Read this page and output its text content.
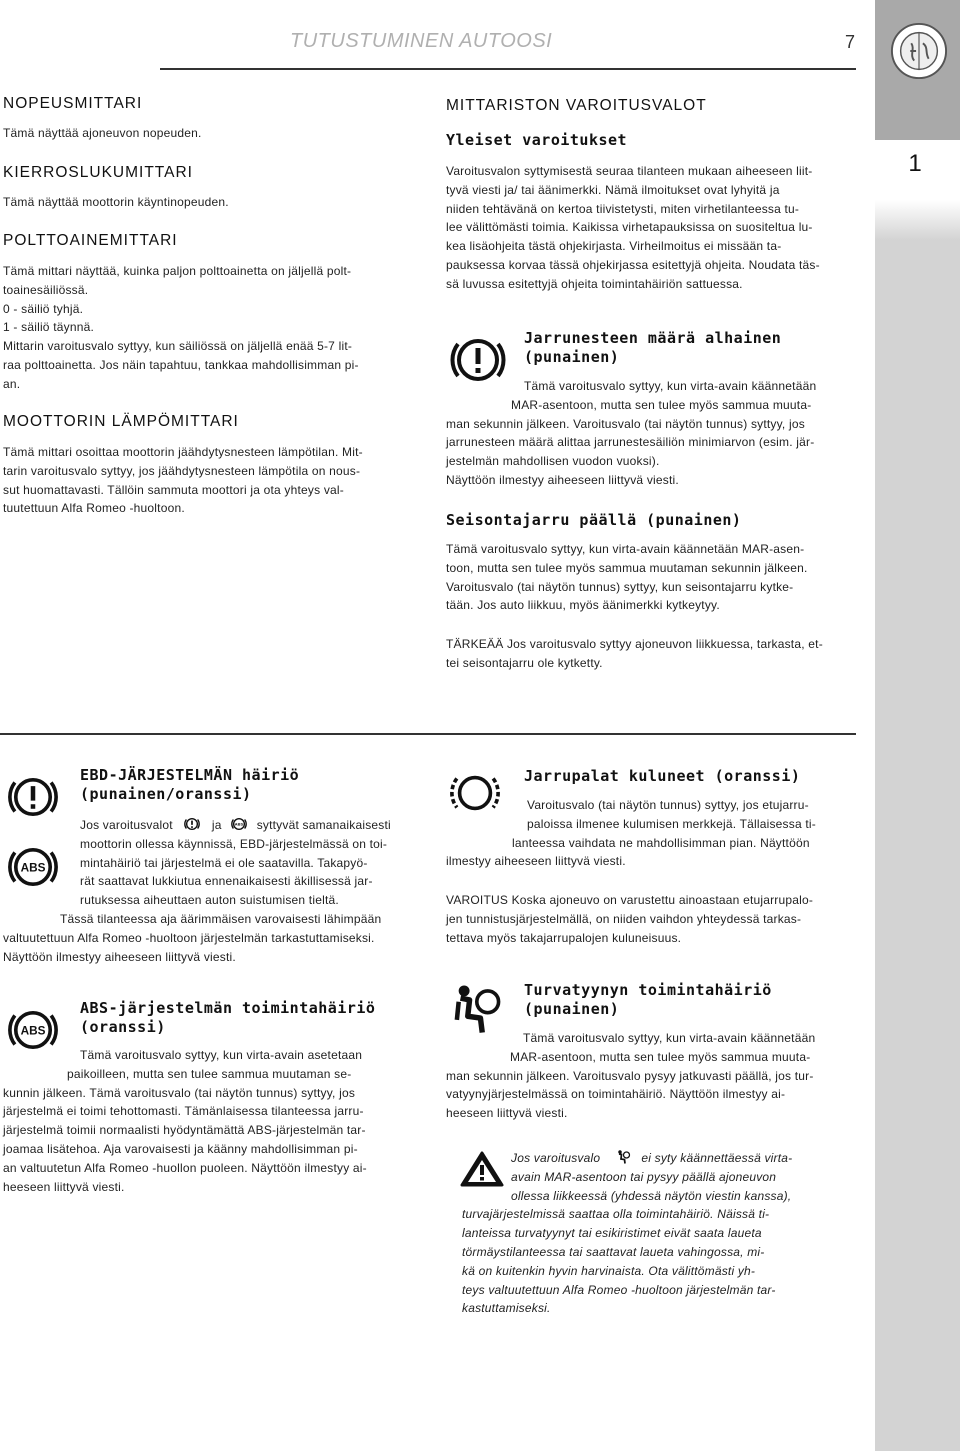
1
TUTUSTUMINEN AUTOOSI	7
NOPEUSMITTARI
Tämä näyttää ajoneuvon nopeuden.
KIERROSLUKUMITTARI
Tämä näyttää moottorin käyntinopeuden.
POLTTOAINEMITTARI
Tämä mittari näyttää, kuinka paljon polttoainetta on jäljellä polt-
toainesäiliössä.
0 - säiliö tyhjä.
1 - säiliö täynnä.
Mittarin varoitusvalo syttyy, kun säiliössä on jäljellä enää 5-7 lit-
raa polttoainetta. Jos näin tapahtuu, tankkaa mahdollisimman pi-
an.
MOOTTORIN LÄMPÖMITTARI
Tämä mittari osoittaa moottorin jäähdytysnesteen lämpötilan. Mit-
tarin varoitusvalo syttyy, jos jäähdytysnesteen lämpötila on nous-
sut huomattavasti. Tällöin sammuta moottori ja ota yhteys val-
tuutettuun Alfa Romeo -huoltoon.
MITTARISTON VAROITUSVALOT
Yleiset varoitukset
Varoitusvalon syttymisestä seuraa tilanteen mukaan aiheeseen liit-
tyvä viesti ja/ tai äänimerkki. Nämä ilmoitukset ovat lyhyitä ja
niiden tehtävänä on kertoa tiivistetysti, miten virhetilanteessa tu-
lee välittömästi toimia. Kaikissa virhetapauksissa on suositeltua lu-
kea lisäohjeita tästä ohjekirjasta. Virheilmoitus ei missään ta-
pauksessa korvaa tässä ohjekirjassa esitettyjä ohjeita. Noudata täs-
sä luvussa esitettyjä ohjeita toimintahäiriön sattuessa.
Jarrunesteen määrä alhainen
(punainen)
Tämä varoitusvalo syttyy, kun virta-avain käännetään
MAR-asentoon, mutta sen tulee myös sammua muuta-
man sekunnin jälkeen. Varoitusvalo (tai näytön tunnus) syttyy, jos
jarrunesteen määrä alittaa jarrunestesäiliön minimiarvon (esim. jär-
jestelmän mahdollisen vuodon vuoksi).
Näyttöön ilmestyy aiheeseen liittyvä viesti.
Seisontajarru päällä (punainen)
Tämä varoitusvalo syttyy, kun virta-avain käännetään MAR-asen-
toon, mutta sen tulee myös sammua muutaman sekunnin jälkeen.
Varoitusvalo (tai näytön tunnus) syttyy, kun seisontajarru kytke-
tään. Jos auto liikkuu, myös äänimerkki kytkeytyy.
TÄRKEÄÄ Jos varoitusvalo syttyy ajoneuvon liikkuessa, tarkasta, et-
tei seisontajarru ole kytketty.
ABS
EBD-JÄRJESTELMÄN häiriö
(punainen/oranssi)
Jos varoitusvalot	ja ABS syttyvät samanaikaisesti
moottorin ollessa käynnissä, EBD-järjestelmässä on toi-
mintahäiriö tai järjestelmä ei ole saatavilla. Takapyö-
rät saattavat lukkiutua ennenaikaisesti äkillisessä jar-
rutuksessa aiheuttaen auton suistumisen tieltä.
Tässä tilanteessa aja äärimmäisen varovaisesti lähimpään
valtuutettuun Alfa Romeo -huoltoon järjestelmän tarkastuttamiseksi.
Näyttöön ilmestyy aiheeseen liittyvä viesti.
ABS
ABS-järjestelmän toimintahäiriö
(oranssi)
Tämä varoitusvalo syttyy, kun virta-avain asetetaan
paikoilleen, mutta sen tulee sammua muutaman se-
kunnin jälkeen. Tämä varoitusvalo (tai näytön tunnus) syttyy, jos
järjestelmä ei toimi tehottomasti. Tämänlaisessa tilanteessa jarru-
järjestelmä toimii normaalisti hyödyntämättä ABS-järjestelmän tar-
joamaa lisätehoa. Aja varovaisesti ja käänny mahdollisimman pi-
an valtuutetun Alfa Romeo -huollon puoleen. Näyttöön ilmestyy ai-
heeseen liittyvä viesti.
Jarrupalat kuluneet (oranssi)
Varoitusvalo (tai näytön tunnus) syttyy, jos etujarru-
paloissa ilmenee kulumisen merkkejä. Tällaisessa ti-
lanteessa vaihdata ne mahdollisimman pian. Näyttöön
ilmestyy aiheeseen liittyvä viesti.
VAROITUS Koska ajoneuvo on varustettu ainoastaan etujarrupalo-
jen tunnistusjärjestelmällä, on niiden vaihdon yhteydessä tarkas-
tettava myös takajarrupalojen kuluneisuus.
Turvatyynyn toimintahäiriö
(punainen)
Tämä varoitusvalo syttyy, kun virta-avain käännetään
MAR-asentoon, mutta sen tulee myös sammua muuta-
man sekunnin jälkeen. Varoitusvalo pysyy jatkuvasti päällä, jos tur-
vatyynyjärjestelmässä on toimintahäiriö. Näyttöön ilmestyy ai-
heeseen liittyvä viesti.
Jos varoitusvalo	ei syty käännettäessä virta-
avain MAR-asentoon tai pysyy päällä ajoneuvon
ollessa liikkeessä (yhdessä näytön viestin kanssa),
turvajärjestelmissä saattaa olla toimintahäiriö. Näissä ti-
lanteissa turvatyynyt tai esikiristimet eivät saata laueta
törmäystilanteessa tai saattavat laueta vahingossa, mi-
kä on kuitenkin hyvin harvinaista. Ota välittömästi yh-
teys valtuutettuun Alfa Romeo -huoltoon järjestelmän tar-
kastuttamiseksi.
